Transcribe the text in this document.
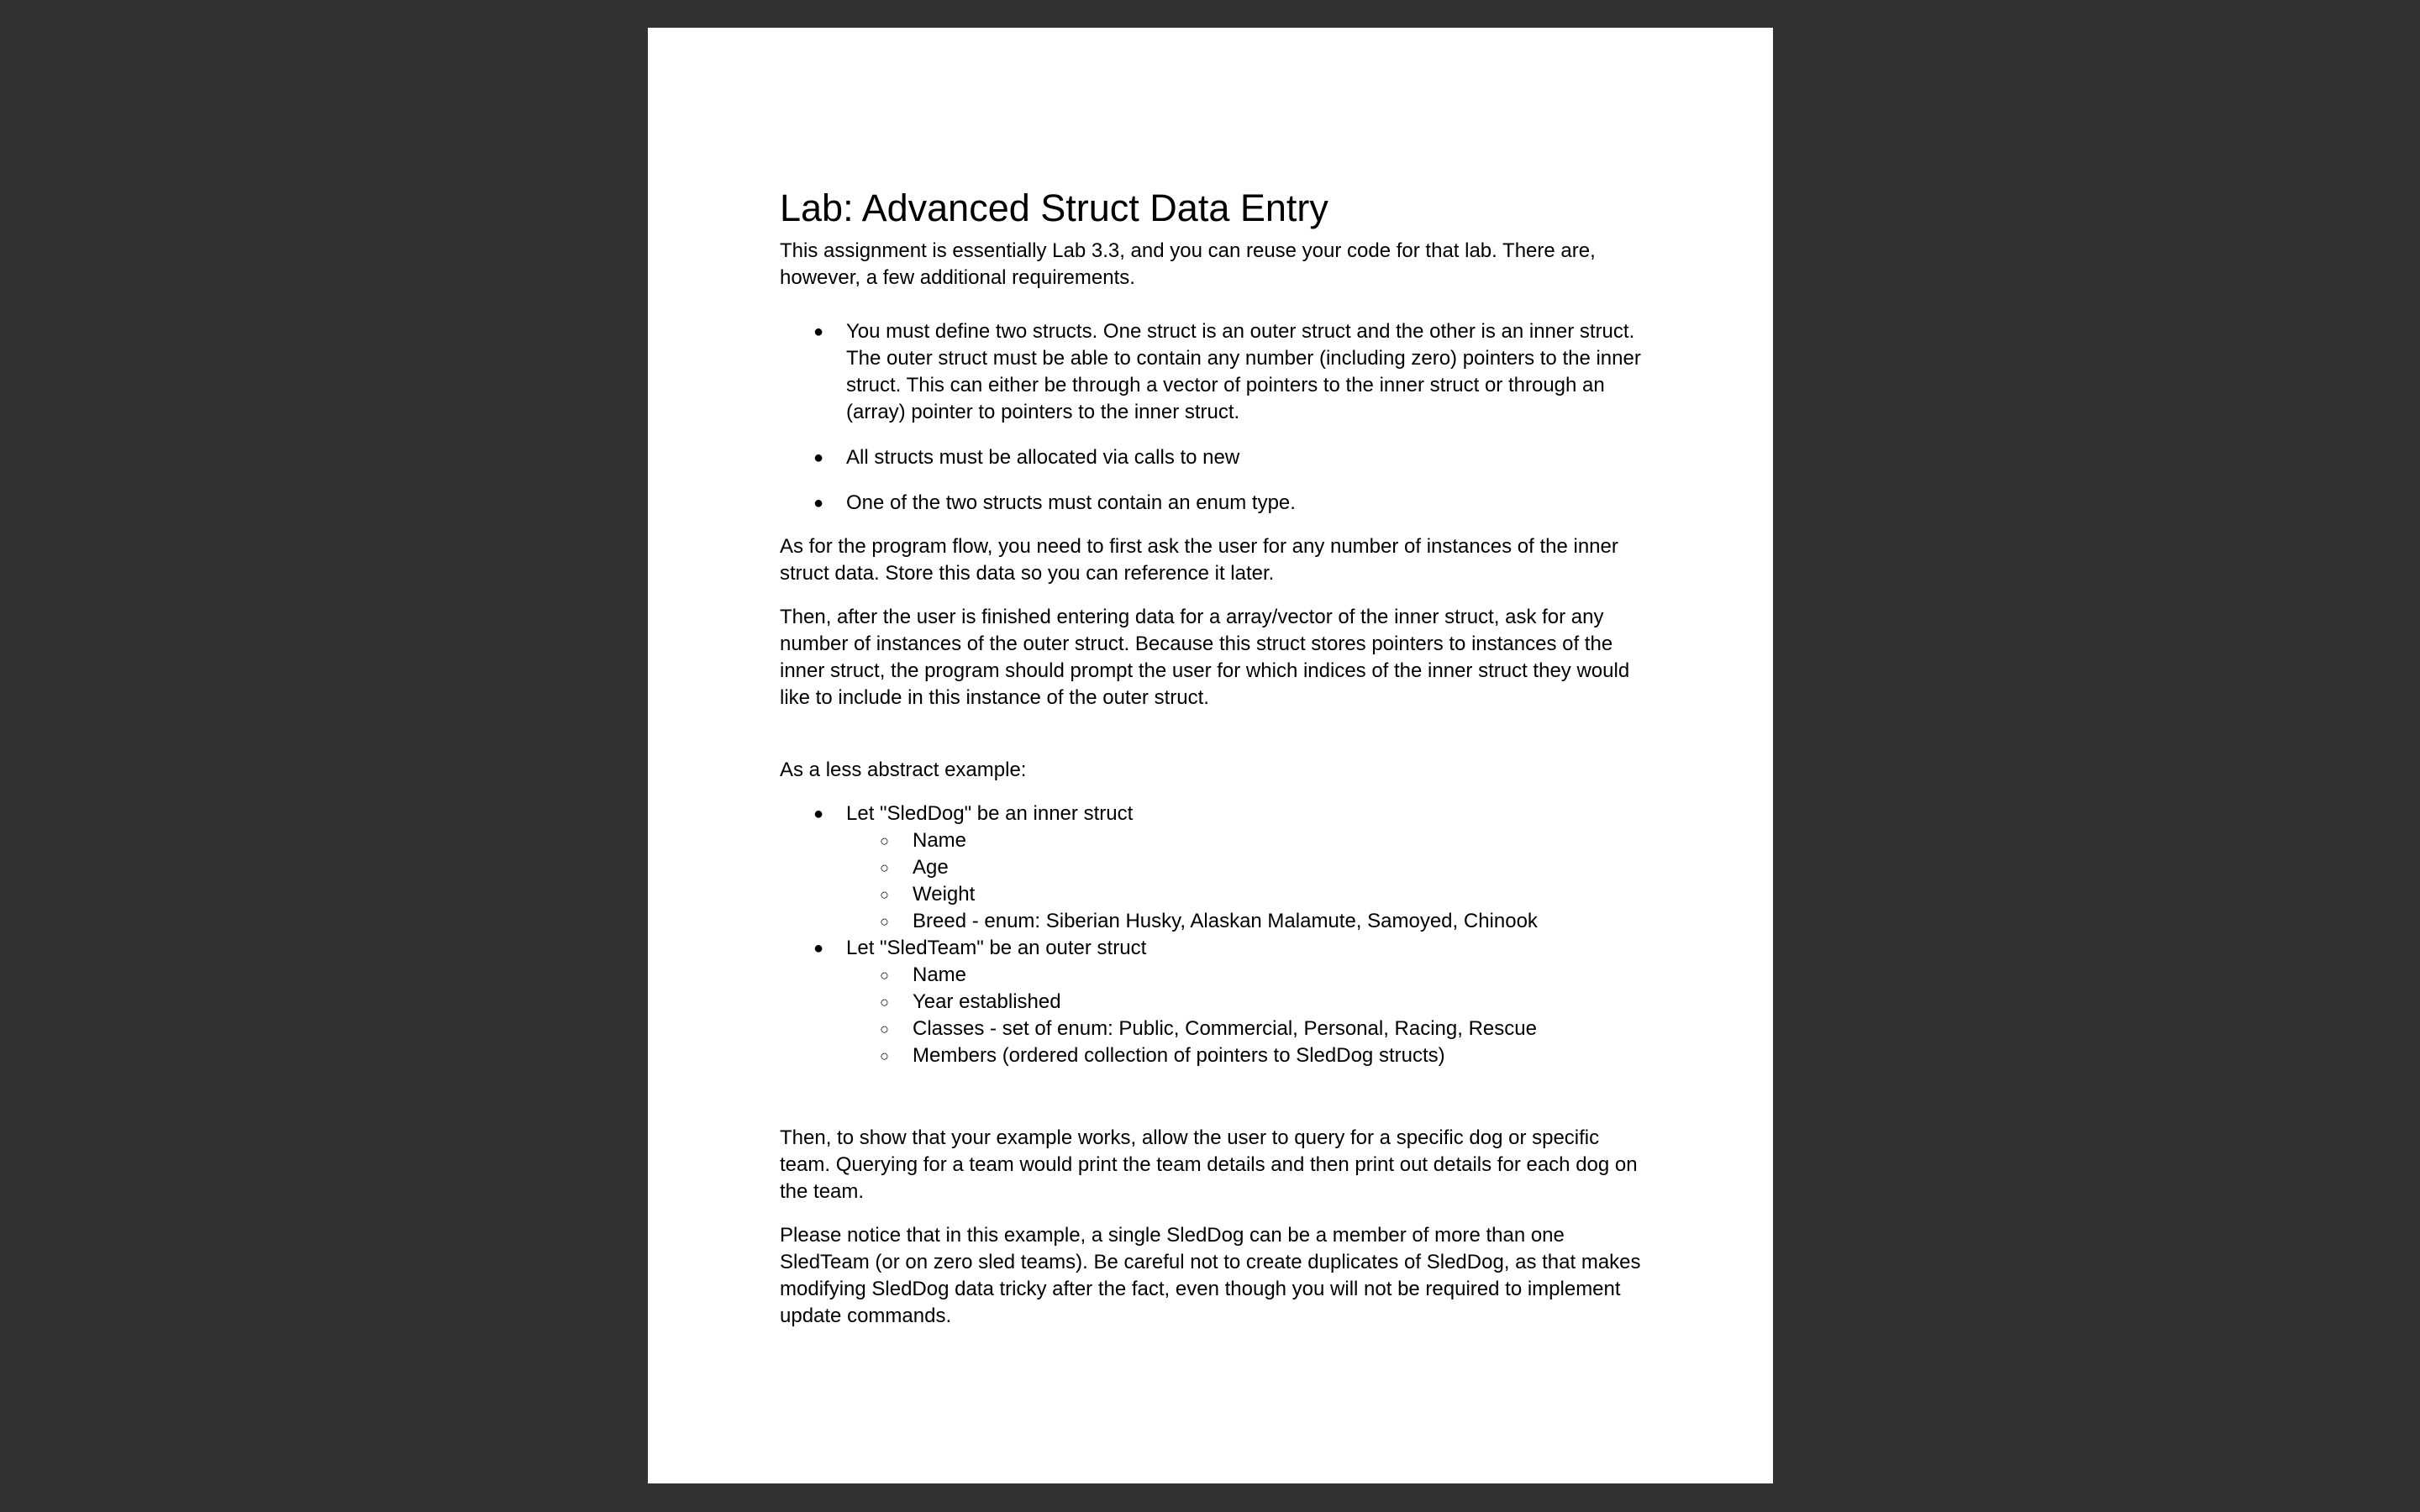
Lab: Advanced Struct Data Entry

This assignment is essentially Lab 3.3, and you can reuse your code for that lab. There are, however, a few additional requirements.

● You must define two structs. One struct is an outer struct and the other is an inner struct. The outer struct must be able to contain any number (including zero) pointers to the inner struct. This can either be through a vector of pointers to the inner struct or through an (array) pointer to pointers to the inner struct.
● All structs must be allocated via calls to new
● One of the two structs must contain an enum type.

As for the program flow, you need to first ask the user for any number of instances of the inner struct data. Store this data so you can reference it later.

Then, after the user is finished entering data for a array/vector of the inner struct, ask for any number of instances of the outer struct. Because this struct stores pointers to instances of the inner struct, the program should prompt the user for which indices of the inner struct they would like to include in this instance of the outer struct.

As a less abstract example:

● Let "SledDog" be an inner struct
○ Name
○ Age
○ Weight
○ Breed - enum: Siberian Husky, Alaskan Malamute, Samoyed, Chinook
● Let "SledTeam" be an outer struct
○ Name
○ Year established
○ Classes - set of enum: Public, Commercial, Personal, Racing, Rescue
○ Members (ordered collection of pointers to SledDog structs)

Then, to show that your example works, allow the user to query for a specific dog or specific team. Querying for a team would print the team details and then print out details for each dog on the team.

Please notice that in this example, a single SledDog can be a member of more than one SledTeam (or on zero sled teams). Be careful not to create duplicates of SledDog, as that makes modifying SledDog data tricky after the fact, even though you will not be required to implement update commands.
